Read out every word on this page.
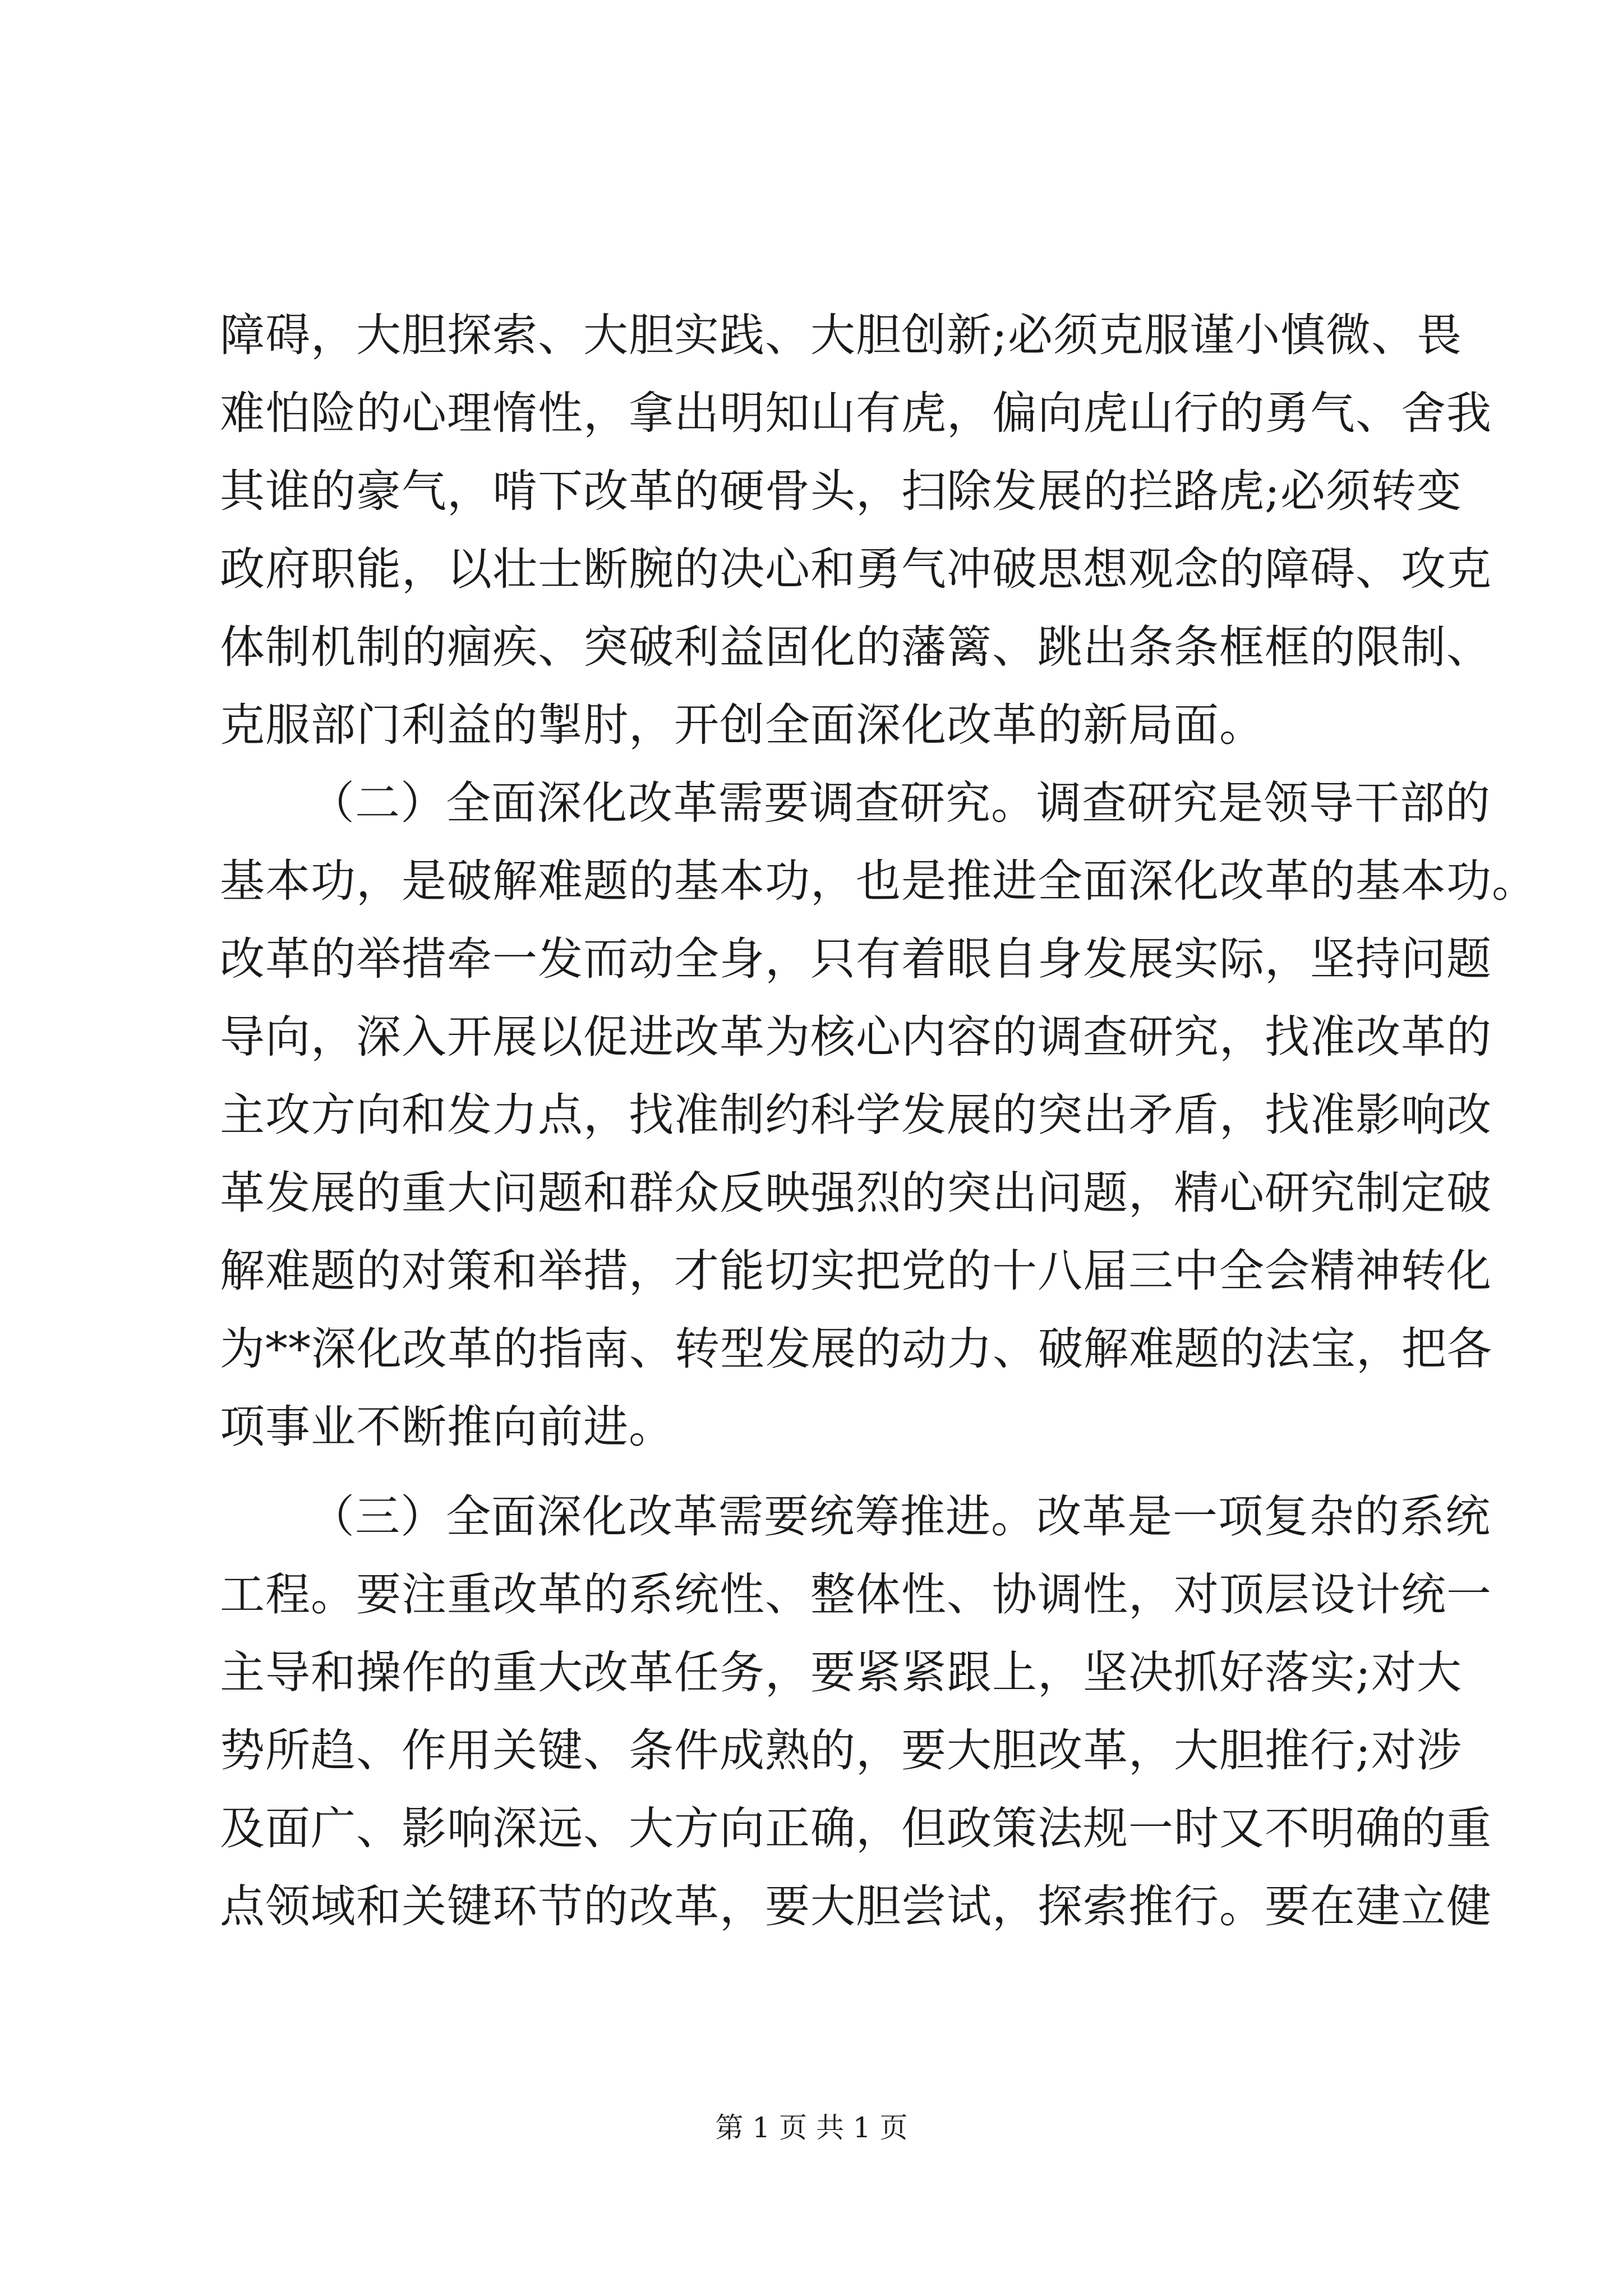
障碍，大胆探索、大胆实践、大胆创新;必须克服谨小慎微、畏
难怕险的心理惰性，拿出明知山有虎，偏向虎山行的勇气、舍我
其谁的豪气，啃下改革的硬骨头，扫除发展的拦路虎;必须转变
政府职能，以壮士断腕的决心和勇气冲破思想观念的障碍、攻克
体制机制的痼疾、突破利益固化的藩篱、跳出条条框框的限制、
克服部门利益的掣肘，开创全面深化改革的新局面。
（二）全面深化改革需要调查研究。调查研究是领导干部的
基本功，是破解难题的基本功，也是推进全面深化改革的基本功。
改革的举措牵一发而动全身，只有着眼自身发展实际，坚持问题
导向，深入开展以促进改革为核心内容的调查研究，找准改革的
主攻方向和发力点，找准制约科学发展的突出矛盾，找准影响改
革发展的重大问题和群众反映强烈的突出问题，精心研究制定破
解难题的对策和举措，才能切实把党的十八届三中全会精神转化
为**深化改革的指南、转型发展的动力、破解难题的法宝，把各
项事业不断推向前进。
（三）全面深化改革需要统筹推进。改革是一项复杂的系统
工程。要注重改革的系统性、整体性、协调性，对顶层设计统一
主导和操作的重大改革任务，要紧紧跟上，坚决抓好落实;对大
势所趋、作用关键、条件成熟的，要大胆改革，大胆推行;对涉
及面广、影响深远、大方向正确，但政策法规一时又不明确的重
点领域和关键环节的改革，要大胆尝试，探索推行。要在建立健
第 1 页 共 1 页
